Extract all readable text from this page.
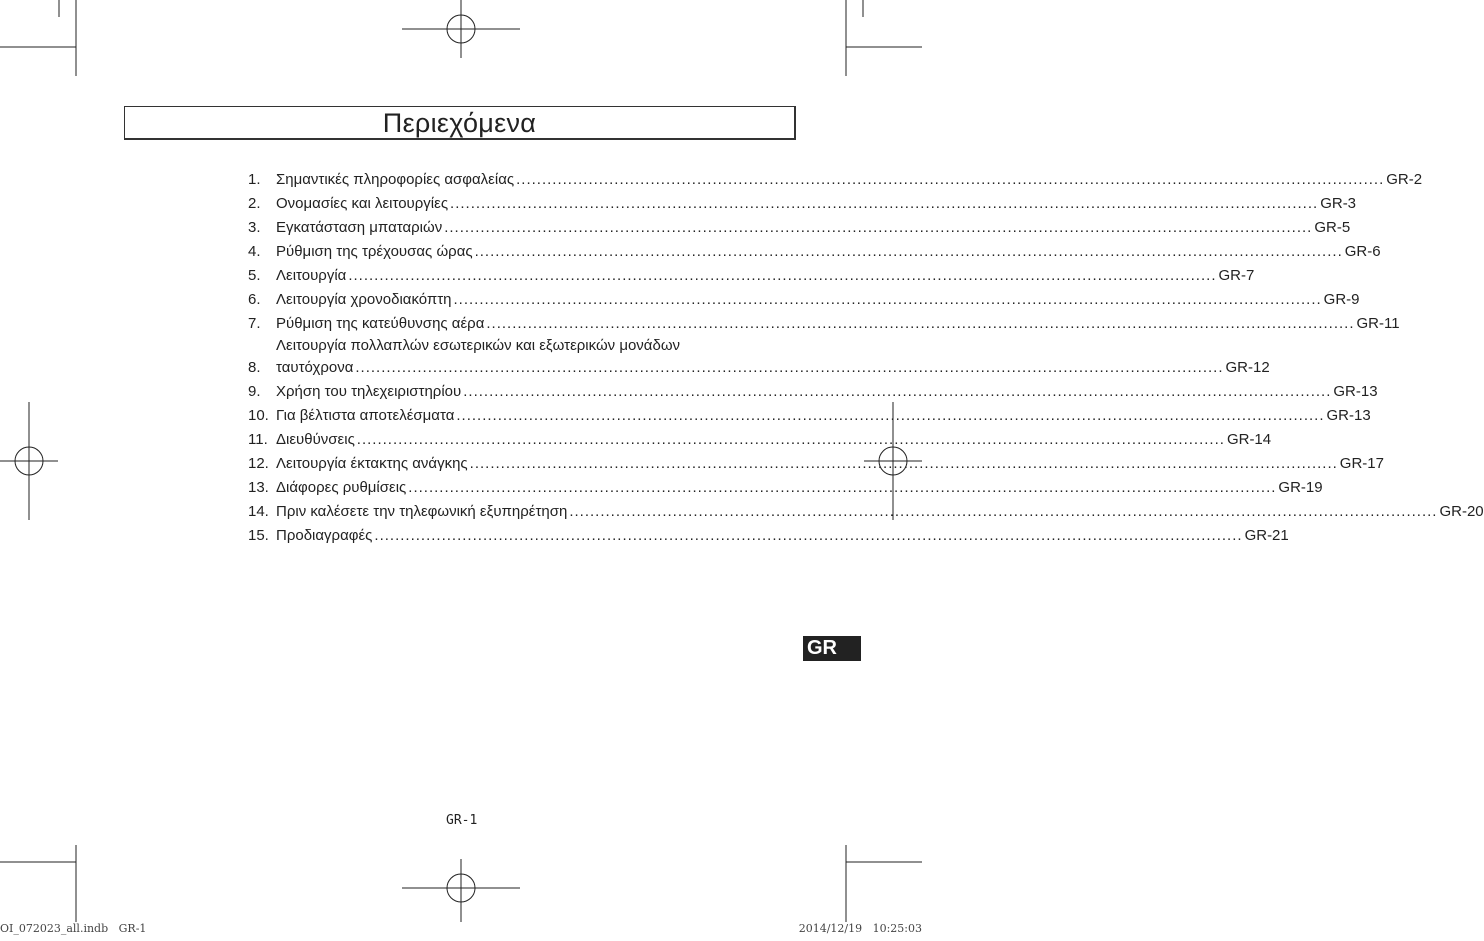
Περιεχόμενα
1.	Σημαντικές πληροφορίες ασφαλείας .....	GR-2
2.	Ονομασίες και λειτουργίες .....	GR-3
3.	Εγκατάσταση μπαταριών .....	GR-5
4.	Ρύθμιση της τρέχουσας ώρας .....	GR-6
5.	Λειτουργία .....	GR-7
6.	Λειτουργία χρονοδιακόπτη .....	GR-9
7.	Ρύθμιση της κατεύθυνσης αέρα .....	GR-11
8.
Λειτουργία πολλαπλών εσωτερικών και εξωτερικών μονάδων
ταυτόχρονα .....	GR-12
9.	Χρήση του τηλεχειριστηρίου .....	GR-13
10. Για βέλτιστα αποτελέσματα .....	GR-13
11. Διευθύνσεις .....	GR-14
12. Λειτουργία έκτακτης ανάγκης .....	GR-17
13. Διάφορες ρυθμίσεις .....	GR-19
14. Πριν καλέσετε την τηλεφωνική εξυπηρέτηση .....	GR-20
15. Προδιαγραφές .....	GR-21
GR
GR-1
OI_072023_all.indb   GR-1	2014/12/19   10:25:03
